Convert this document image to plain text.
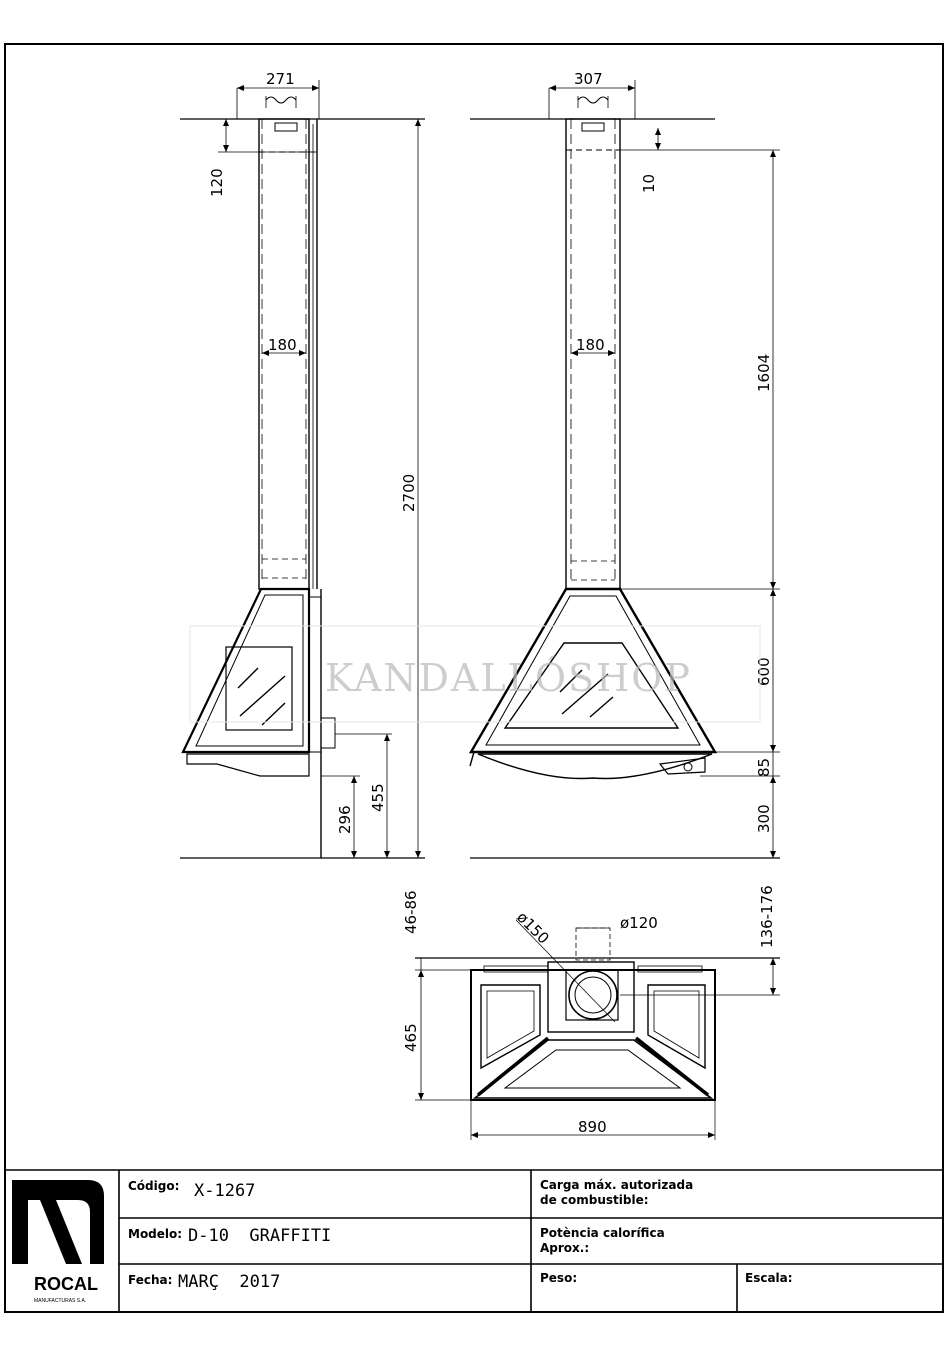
271
120
180
2700
296
455
307
10
1604
180
600
85
300
ø150	ø120	136-176
46-86
465
890
KANDALLÓSHOP
ROCAL
MANUFACTURAS S.A.
Código: X-1267
Modelo: D-10  GRAFFITI
Fecha: MARÇ  2017
Carga máx. autorizada
de combustible:
Potència calorífica
Aprox.:
Peso:	Escala:
